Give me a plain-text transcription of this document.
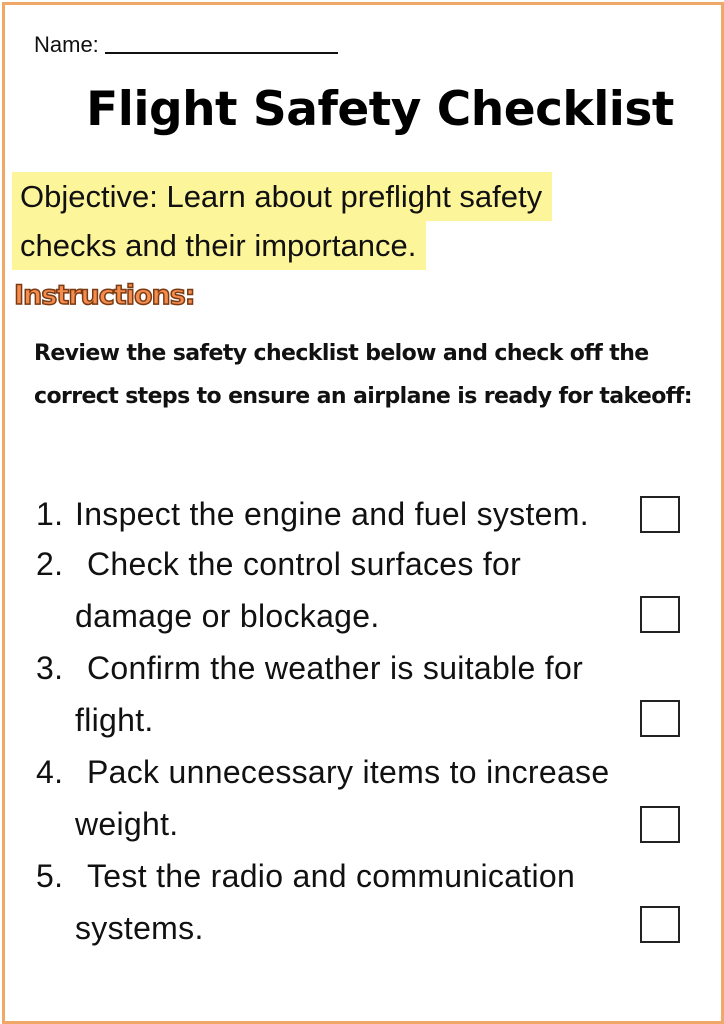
Name:
Flight Safety Checklist
Objective: Learn about preflight safety
checks and their importance.
Instructions:
Review the safety checklist below and check off the correct steps to ensure an airplane is ready for takeoff:
1. Inspect the engine and fuel system.
2. Check the control surfaces for
damage or blockage.
3. Confirm the weather is suitable for
flight.
4. Pack unnecessary items to increase
weight.
5. Test the radio and communication
systems.
